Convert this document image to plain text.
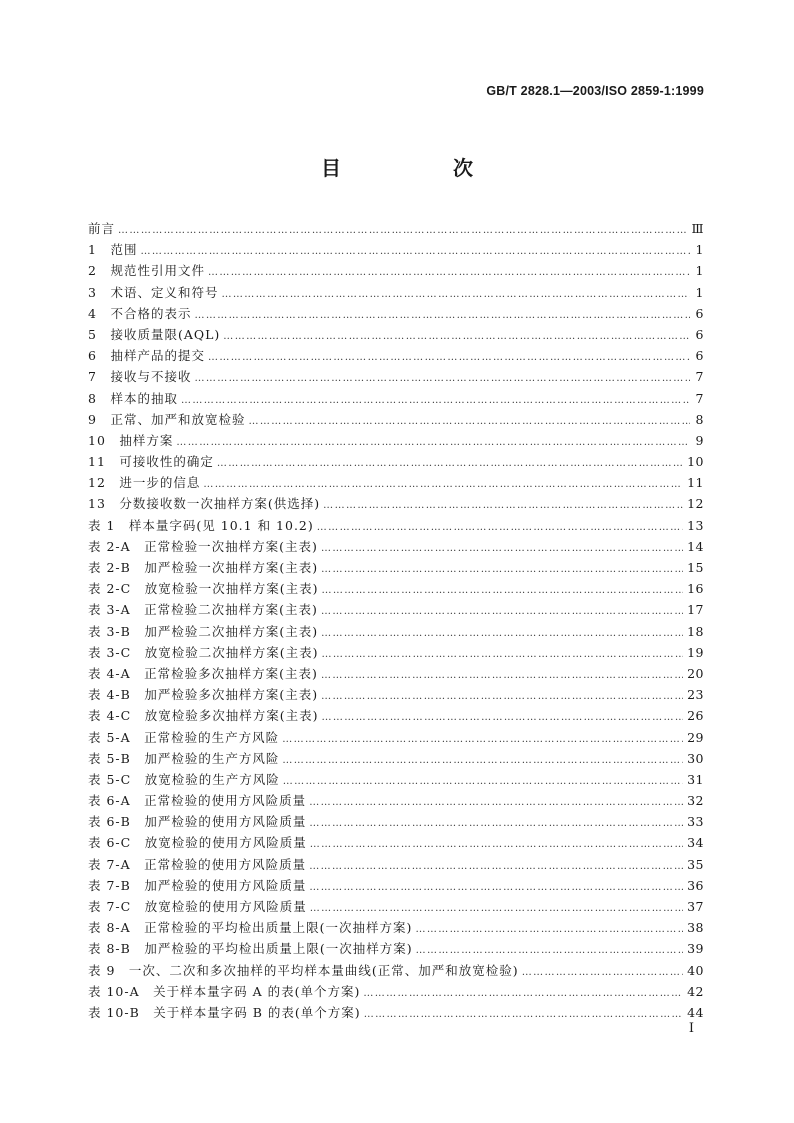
GB/T 2828.1—2003/ISO 2859-1:1999
目　次
前言 ……………………………………………………………………………………………………………………………………………………………………………………………………………………	Ⅲ
1　范围 ……………………………………………………………………………………………………………………………………………………………………………………………………………………	1
2　规范性引用文件 ……………………………………………………………………………………………………………………………………………………………………………………………………………………	1
3　术语、定义和符号 ……………………………………………………………………………………………………………………………………………………………………………………………………………………	1
4　不合格的表示 ……………………………………………………………………………………………………………………………………………………………………………………………………………………	6
5　接收质量限(AQL) ……………………………………………………………………………………………………………………………………………………………………………………………………………………	6
6　抽样产品的提交 ……………………………………………………………………………………………………………………………………………………………………………………………………………………	6
7　接收与不接收 ……………………………………………………………………………………………………………………………………………………………………………………………………………………	7
8　样本的抽取 ……………………………………………………………………………………………………………………………………………………………………………………………………………………	7
9　正常、加严和放宽检验 ……………………………………………………………………………………………………………………………………………………………………………………………………………………	8
10　抽样方案 ……………………………………………………………………………………………………………………………………………………………………………………………………………………	9
11　可接收性的确定 ……………………………………………………………………………………………………………………………………………………………………………………………………………………	10
12　进一步的信息 ……………………………………………………………………………………………………………………………………………………………………………………………………………………	11
13　分数接收数一次抽样方案(供选择) ……………………………………………………………………………………………………………………………………………………………………………………………………………………	12
表 1　样本量字码(见 10.1 和 10.2) ……………………………………………………………………………………………………………………………………………………………………………………………………………………	13
表 2-A　正常检验一次抽样方案(主表) ……………………………………………………………………………………………………………………………………………………………………………………………………………………	14
表 2-B　加严检验一次抽样方案(主表) ……………………………………………………………………………………………………………………………………………………………………………………………………………………	15
表 2-C　放宽检验一次抽样方案(主表) ……………………………………………………………………………………………………………………………………………………………………………………………………………………	16
表 3-A　正常检验二次抽样方案(主表) ……………………………………………………………………………………………………………………………………………………………………………………………………………………	17
表 3-B　加严检验二次抽样方案(主表) ……………………………………………………………………………………………………………………………………………………………………………………………………………………	18
表 3-C　放宽检验二次抽样方案(主表) ……………………………………………………………………………………………………………………………………………………………………………………………………………………	19
表 4-A　正常检验多次抽样方案(主表) ……………………………………………………………………………………………………………………………………………………………………………………………………………………	20
表 4-B　加严检验多次抽样方案(主表) ……………………………………………………………………………………………………………………………………………………………………………………………………………………	23
表 4-C　放宽检验多次抽样方案(主表) ……………………………………………………………………………………………………………………………………………………………………………………………………………………	26
表 5-A　正常检验的生产方风险 ……………………………………………………………………………………………………………………………………………………………………………………………………………………	29
表 5-B　加严检验的生产方风险 ……………………………………………………………………………………………………………………………………………………………………………………………………………………	30
表 5-C　放宽检验的生产方风险 ……………………………………………………………………………………………………………………………………………………………………………………………………………………	31
表 6-A　正常检验的使用方风险质量 ……………………………………………………………………………………………………………………………………………………………………………………………………………………	32
表 6-B　加严检验的使用方风险质量 ……………………………………………………………………………………………………………………………………………………………………………………………………………………	33
表 6-C　放宽检验的使用方风险质量 ……………………………………………………………………………………………………………………………………………………………………………………………………………………	34
表 7-A　正常检验的使用方风险质量 ……………………………………………………………………………………………………………………………………………………………………………………………………………………	35
表 7-B　加严检验的使用方风险质量 ……………………………………………………………………………………………………………………………………………………………………………………………………………………	36
表 7-C　放宽检验的使用方风险质量 ……………………………………………………………………………………………………………………………………………………………………………………………………………………	37
表 8-A　正常检验的平均检出质量上限(一次抽样方案) ……………………………………………………………………………………………………………………………………………………………………………………………………………………	38
表 8-B　加严检验的平均检出质量上限(一次抽样方案) ……………………………………………………………………………………………………………………………………………………………………………………………………………………	39
表 9　一次、二次和多次抽样的平均样本量曲线(正常、加严和放宽检验) ……………………………………………………………………………………………………………………………………………………………………………………………………………………	40
表 10-A　关于样本量字码 A 的表(单个方案) ……………………………………………………………………………………………………………………………………………………………………………………………………………………	42
表 10-B　关于样本量字码 B 的表(单个方案) ……………………………………………………………………………………………………………………………………………………………………………………………………………………	44
I
